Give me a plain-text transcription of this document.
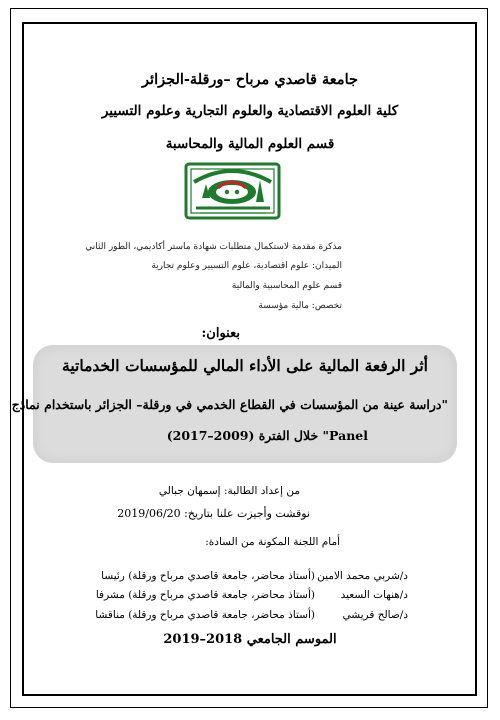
جامعة قاصدي مرباح –ورقلة-الجزائر
كلية العلوم الاقتصادية والعلوم التجارية وعلوم التسيير
قسم العلوم المالية والمحاسبة
مذكرة مقدمة لاستكمال متطلبات شهادة ماستر أكاديمي، الطور الثاني
الميدان: علوم اقتصادية، علوم التسيير وعلوم تجارية
قسم علوم المحاسبية والمالية
تخصص: مالية مؤسسة
بعنوان:
أثر الرفعة المالية على الأداء المالي للمؤسسات الخدماتية
"دراسة عينة من المؤسسات في القطاع الخدمي في ورقلة– الجزائر باستخدام نماذج
Panel" خلال الفترة (2009–2017)
من إعداد الطالبة: إسمهان جبالي
نوقشت وأجيزت علنا بتاريخ: 2019/06/20
أمام اللجنة المكونة من السادة:
د/شربي محمد الامين
(أستاذ محاضر، جامعة قاصدي مرباح ورقلة) رئيسا
د/هنهات السعيد
(أستاذ محاضر، جامعة قاصدي مرباح ورقلة) مشرفا
د/صالح قريشي
(أستاذ محاضر، جامعة قاصدي مرباح ورقلة) مناقشا
الموسم الجامعي 2018–2019
